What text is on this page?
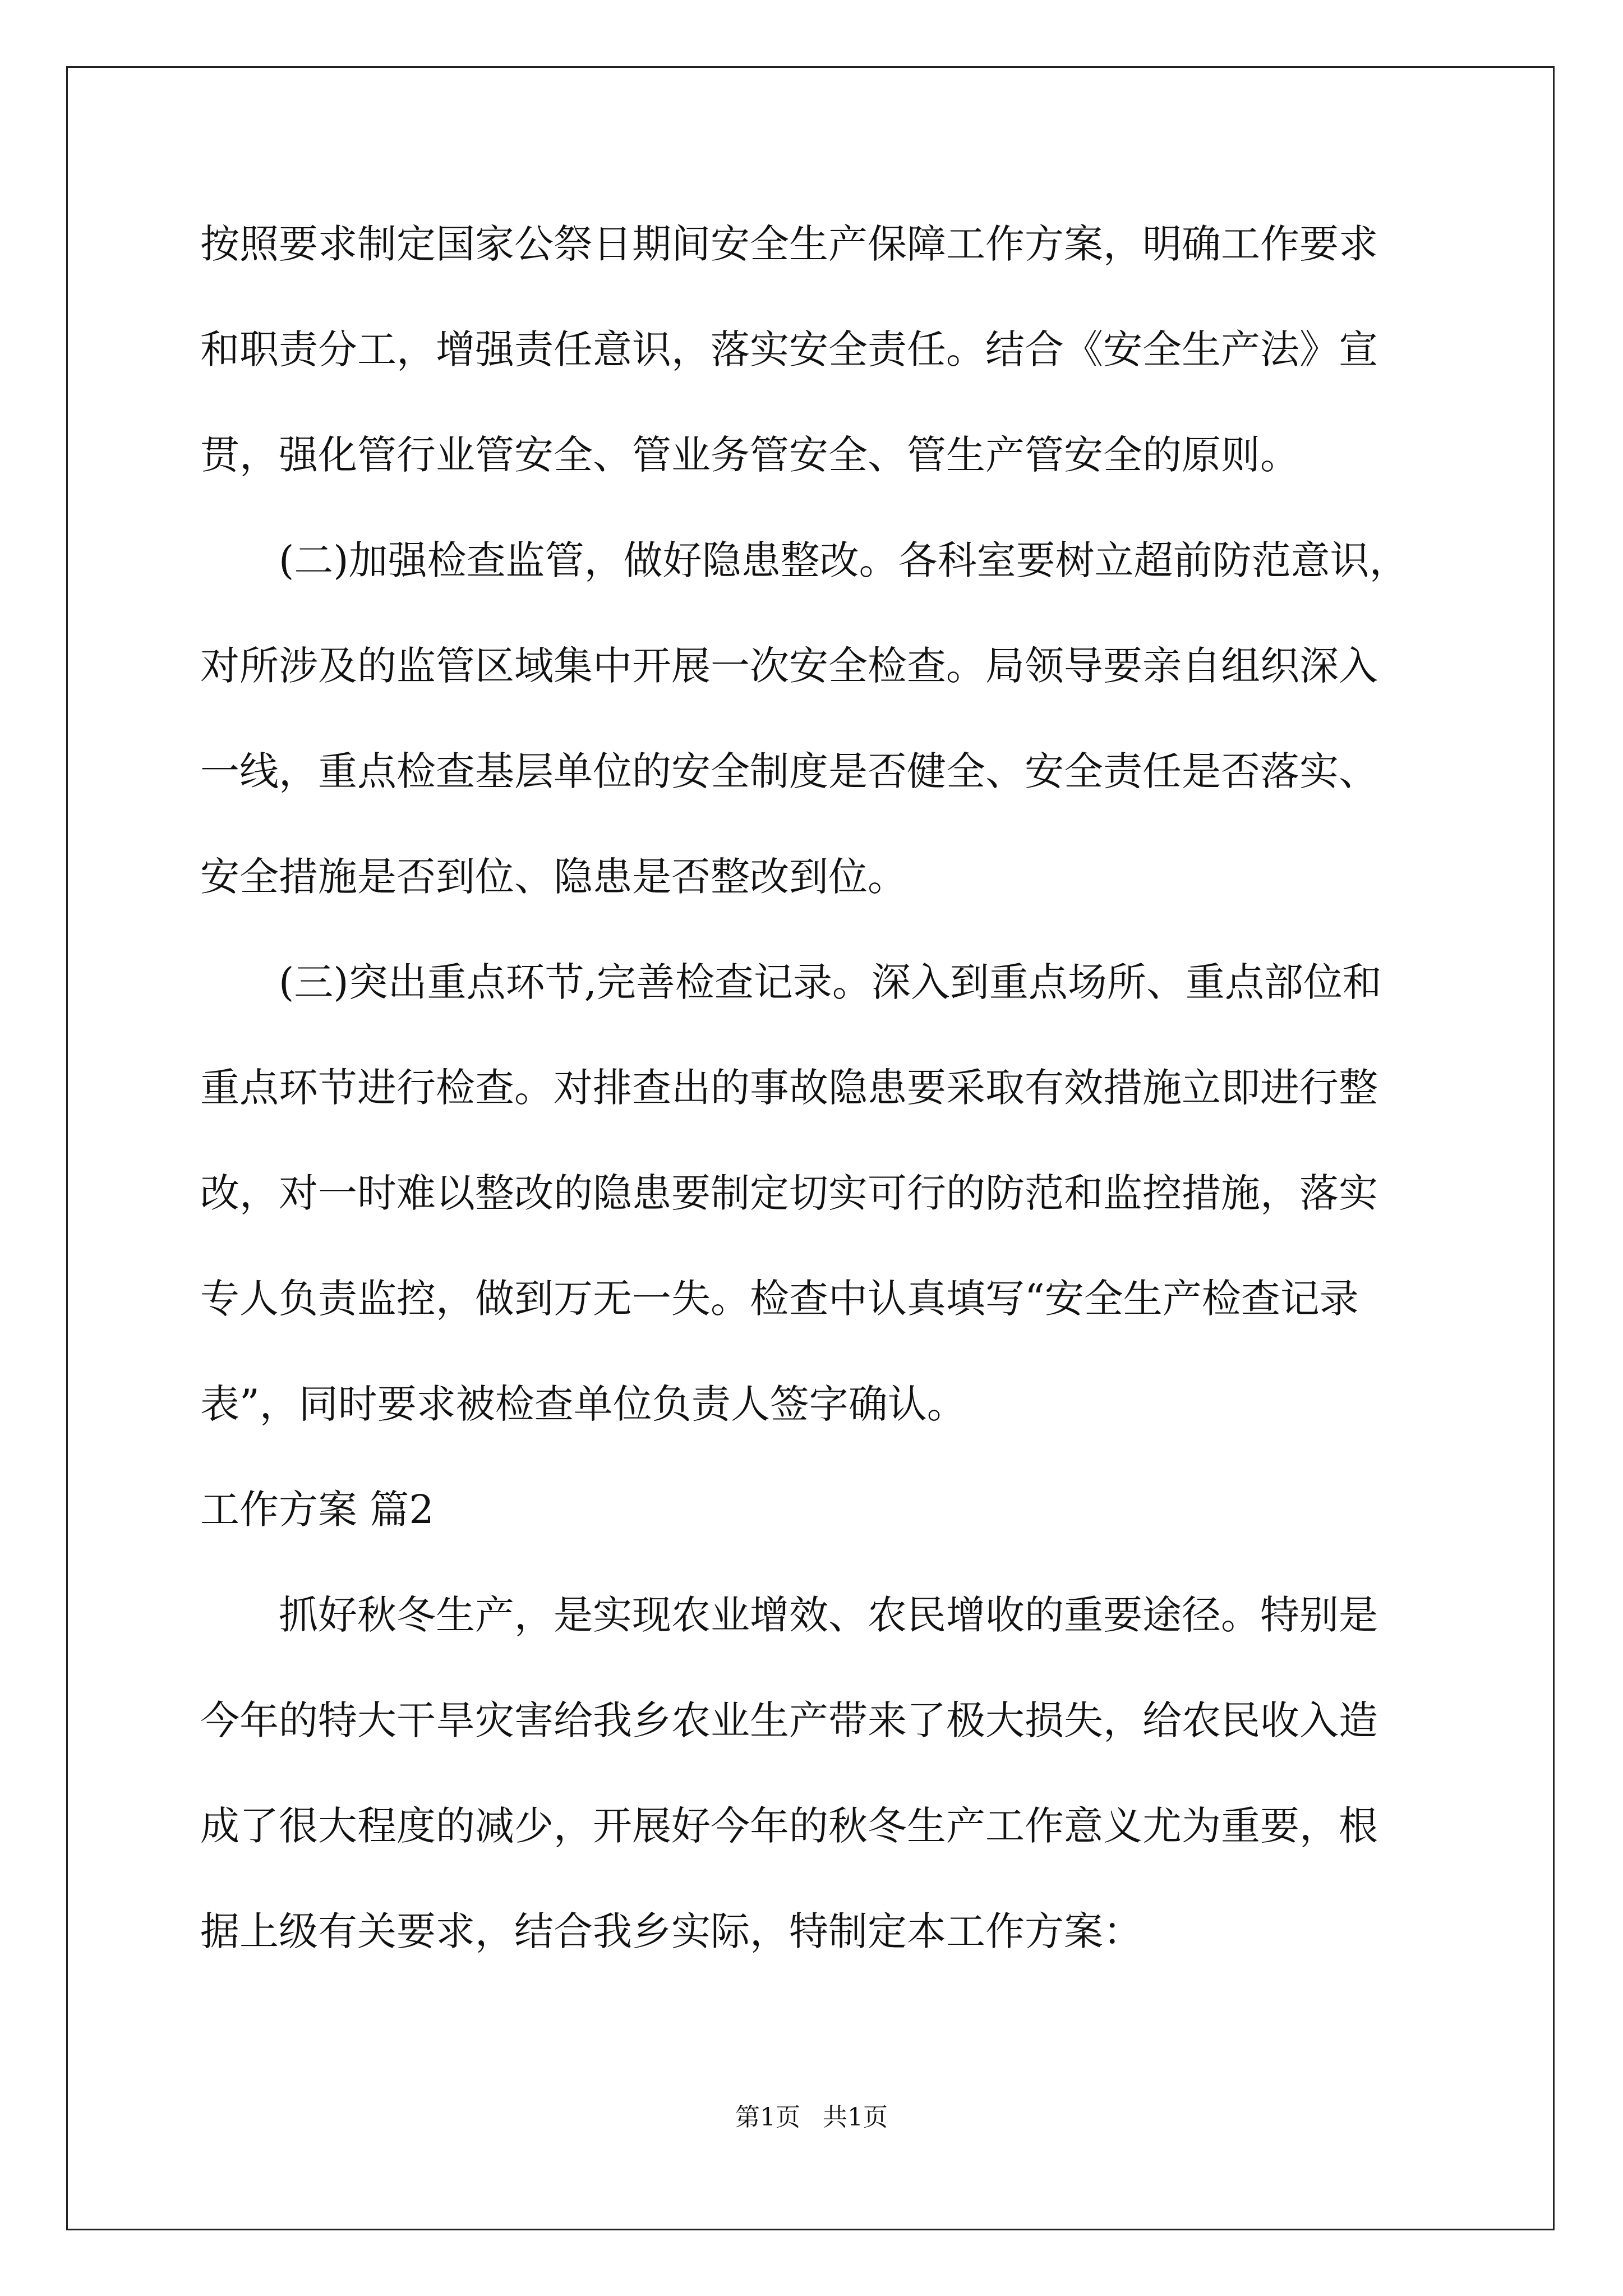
按照要求制定国家公祭日期间安全生产保障工作方案，明确工作要求
和职责分工，增强责任意识，落实安全责任。结合《安全生产法》宣
贯，强化管行业管安全、管业务管安全、管生产管安全的原则。
(二)加强检查监管，做好隐患整改。各科室要树立超前防范意识，
对所涉及的监管区域集中开展一次安全检查。局领导要亲自组织深入
一线，重点检查基层单位的安全制度是否健全、安全责任是否落实、
安全措施是否到位、隐患是否整改到位。
(三)突出重点环节,完善检查记录。深入到重点场所、重点部位和
重点环节进行检查。对排查出的事故隐患要采取有效措施立即进行整
改，对一时难以整改的隐患要制定切实可行的防范和监控措施，落实
专人负责监控，做到万无一失。检查中认真填写“安全生产检查记录
表”，同时要求被检查单位负责人签字确认。
工作方案 篇2
抓好秋冬生产，是实现农业增效、农民增收的重要途径。特别是
今年的特大干旱灾害给我乡农业生产带来了极大损失，给农民收入造
成了很大程度的减少，开展好今年的秋冬生产工作意义尤为重要，根
据上级有关要求，结合我乡实际，特制定本工作方案：
第1页 共1页
